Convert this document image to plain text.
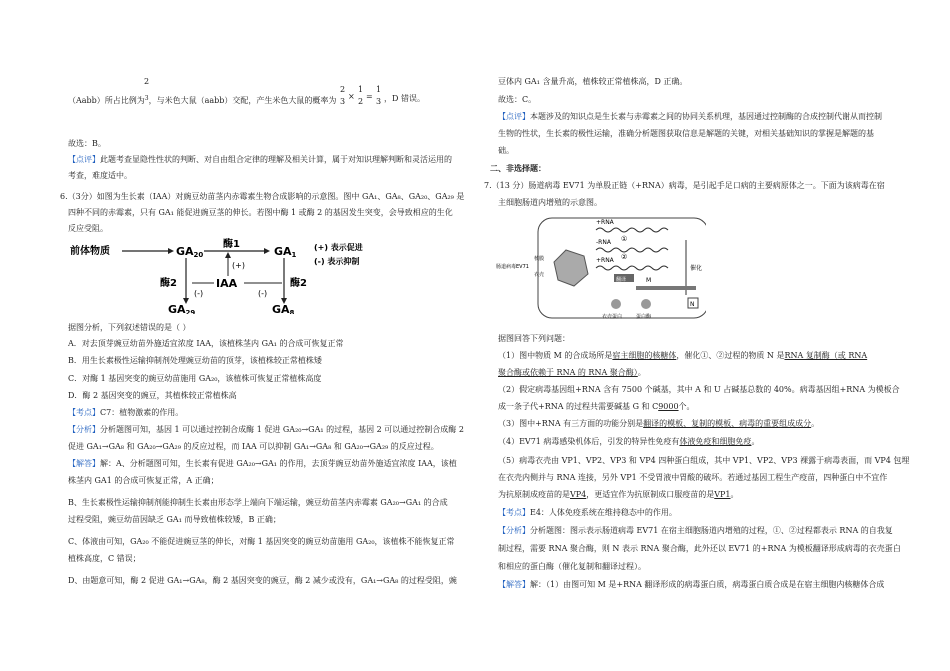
2
（Aabb）所占比例为$^3$，与米色大鼠（aabb）交配，产生米色大鼠的概率为
2
3
×
1
2
=
1
3 ，D 错误。
故选：B。
【点评】此题考查显隐性性状的判断、对自由组合定律的理解及相关计算，属于对知识理解判断和灵活运用的
考查，难度适中。
6.（3分）如图为生长素（IAA）对豌豆幼苗茎内赤霉素生物合成影响的示意图。图中 GA₁、GA₈、GA₂₀、GA₂₉ 是
四种不同的赤霉素，只有 GA₁ 能促进豌豆茎的伸长。若图中酶 1 或酶 2 的基因发生突变，会导致相应的生化
反应受阻。
前体物质	GA20
酶1
GA1
(+) 表示促进
(-) 表示抑制
(+)
IAA
(-)	(-)
酶2	酶2
GA29	GA8
据图分析，下列叙述错误的是（ ）
A．对去顶芽豌豆幼苗外施适宜浓度 IAA，该植株茎内 GA₁ 的合成可恢复正常
B．用生长素极性运输抑制剂处理豌豆幼苗的顶芽，该植株较正常植株矮
C．对酶 1 基因突变的豌豆幼苗施用 GA₂₀，该植株可恢复正常植株高度
D．酶 2 基因突变的豌豆，其植株较正常植株高
【考点】C7：植物激素的作用。
【分析】分析题图可知，基因 1 可以通过控制合成酶 1 促进 GA₂₀→GA₁ 的过程，基因 2 可以通过控制合成酶 2
促进 GA₁→GA₈ 和 GA₂₀→GA₂₉ 的反应过程，而 IAA 可以抑制 GA₁→GA₈ 和 GA₂₀→GA₂₉ 的反应过程。
【解答】解：A、分析题图可知，生长素有促进 GA₂₀→GA₁ 的作用，去顶芽豌豆幼苗外施适宜浓度 IAA，该植
株茎内 GA1 的合成可恢复正常，A 正确；
B、生长素极性运输抑制剂能抑制生长素由形态学上端向下端运输，豌豆幼苗茎内赤霉素 GA₂₀→GA₁ 的合成
过程受阻，豌豆幼苗因缺乏 GA₁ 而导致植株较矮，B 正确；
C、体液由可知，GA₂₀ 不能促进豌豆茎的伸长，对酶 1 基因突变的豌豆幼苗施用 GA₂₀，该植株不能恢复正常
植株高度，C 错误；
D、由题意可知，酶 2 促进 GA₁→GA₈，酶 2 基因突变的豌豆，酶 2 减少或没有，GA₁→GA₈ 的过程受阻，豌
豆体内 GA₁ 含量升高，植株较正常植株高，D 正确。
故选：C。
【点评】本题涉及的知识点是生长素与赤霉素之间的协同关系机理，基因通过控制酶的合成控制代谢从而控制
生物的性状，生长素的极性运输，准确分析题图获取信息是解题的关键，对相关基础知识的掌握是解题的基
础。
二、非选择题：
7.（13 分）肠道病毒 EV71 为单股正链（+RNA）病毒，是引起手足口病的主要病原体之一。下面为该病毒在宿
主细胞肠道内增殖的示意图。
+RNA
-RNA
+RNA
①
②
催化
肠道病毒EV71
核膜
衣壳
翻译	M
N
衣壳蛋白	蛋白酶
据图回答下列问题：
（1）图中物质 M 的合成场所是宿主细胞的核糖体，催化①、②过程的物质 N 是RNA 复制酶（或 RNA
聚合酶或依赖于 RNA 的 RNA 聚合酶）。
（2）假定病毒基因组+RNA 含有 7500 个碱基，其中 A 和 U 占碱基总数的 40%。病毒基因组+RNA 为模板合
成一条子代+RNA 的过程共需要碱基 G 和 C9000个。
（3）图中+RNA 有三方面的功能分别是翻译的模板、复制的模板、病毒的重要组成成分。
（4）EV71 病毒感染机体后，引发的特异性免疫有体液免疫和细胞免疫。
（5）病毒衣壳由 VP1、VP2、VP3 和 VP4 四种蛋白组成，其中 VP1、VP2、VP3 裸露于病毒表面，而 VP4 包埋
在衣壳内侧并与 RNA 连接，另外 VP1 不受胃液中胃酸的破坏。若通过基因工程生产疫苗，四种蛋白中不宜作
为抗原制成疫苗的是VP4，更适宜作为抗原制成口服疫苗的是VP1。
【考点】E4：人体免疫系统在维持稳态中的作用。
【分析】分析题图：图示表示肠道病毒 EV71 在宿主细胞肠道内增殖的过程，①、②过程都表示 RNA 的自我复
制过程，需要 RNA 聚合酶，则 N 表示 RNA 聚合酶，此外还以 EV71 的+RNA 为模板翻译形成病毒的衣壳蛋白
和相应的蛋白酶（催化复制和翻译过程）。
【解答】解：（1）由图可知 M 是+RNA 翻译形成的病毒蛋白质，病毒蛋白质合成是在宿主细胞内核糖体合成
